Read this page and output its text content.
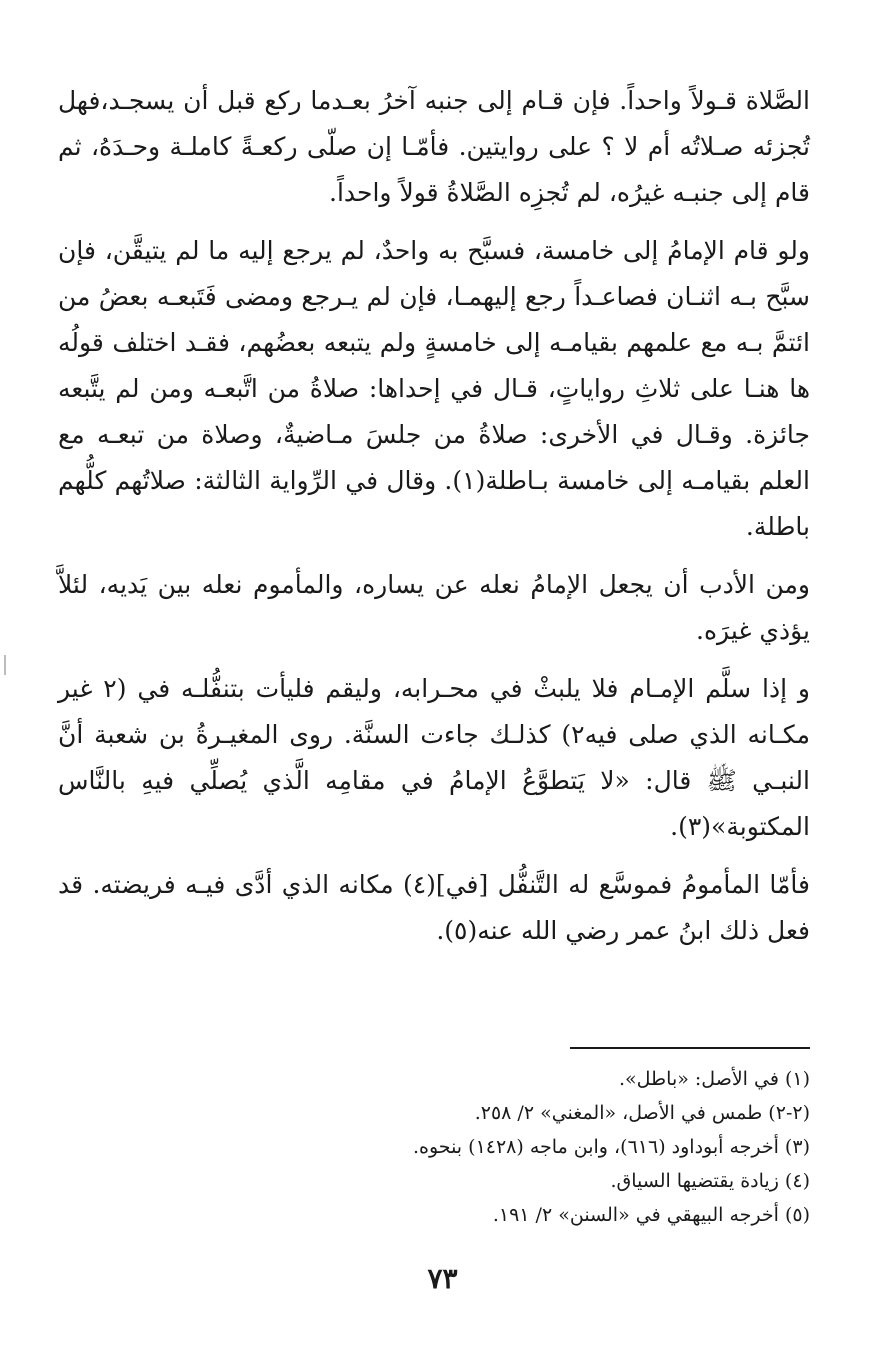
الصَّلاة قـولاً واحداً. فإن قـام إلى جنبه آخرُ بعـدما ركع قبل أن يسجـد،فهل تُجزئه صـلاتُه أم لا ؟ على روايتين. فأمّـا إن صلّى ركعـةً كاملـة وحـدَهُ، ثم قام إلى جنبـه غيرُه، لم تُجزِه الصَّلاةُ قولاً واحداً.

ولو قام الإمامُ إلى خامسة، فسبَّح به واحدٌ، لم يرجع إليه ما لم يتيقَّن، فإن سبَّح بـه اثنـان فصاعـداً رجع إليهمـا، فإن لم يـرجع ومضى فَتَبعـه بعضُ من ائتمَّ بـه مع علمهم بقيامـه إلى خامسةٍ ولم يتبعه بعضُهم، فقـد اختلف قولُه ها هنـا على ثلاثِ رواياتٍ، قـال في إحداها: صلاةُ من اتَّبعـه ومن لم يتَّبعه جائزة. وقـال في الأخرى: صلاةُ من جلسَ مـاضيةٌ، وصلاة من تبعـه مع العلم بقيامـه إلى خامسة بـاطلة(١). وقال في الرِّواية الثالثة: صلاتُهم كلُّهم باطلة.

ومن الأدب أن يجعل الإمامُ نعله عن يساره، والمأموم نعله بين يَديه، لئلاَّ يؤذي غيرَه.

و إذا سلَّم الإمـام فلا يلبثْ في محـرابه، وليقم فليأت بتنفُّلـه في (٢ غير مكـانه الذي صلى فيه٢) كذلـك جاءت السنَّة. روى المغيـرةُ بن شعبة أنَّ النبـي ﷺ قال: «لا يَتطوَّعُ الإمامُ في مقامِه الَّذي يُصلِّي فيهِ بالنَّاس المكتوبة»(٣).

فأمّا المأمومُ فموسَّع له التَّنفُّل [في](٤) مكانه الذي أدَّى فيـه فريضته. قد فعل ذلك ابنُ عمر رضي الله عنه(٥).

(١) في الأصل: «باطل».

(٢-٢) طمس في الأصل، «المغني» ٢/ ٢٥٨.

(٣) أخرجه أبوداود (٦١٦)، وابن ماجه (١٤٢٨) بنحوه.

(٤) زيادة يقتضيها السياق.

(٥) أخرجه البيهقي في «السنن» ٢/ ١٩١.

٧٣
